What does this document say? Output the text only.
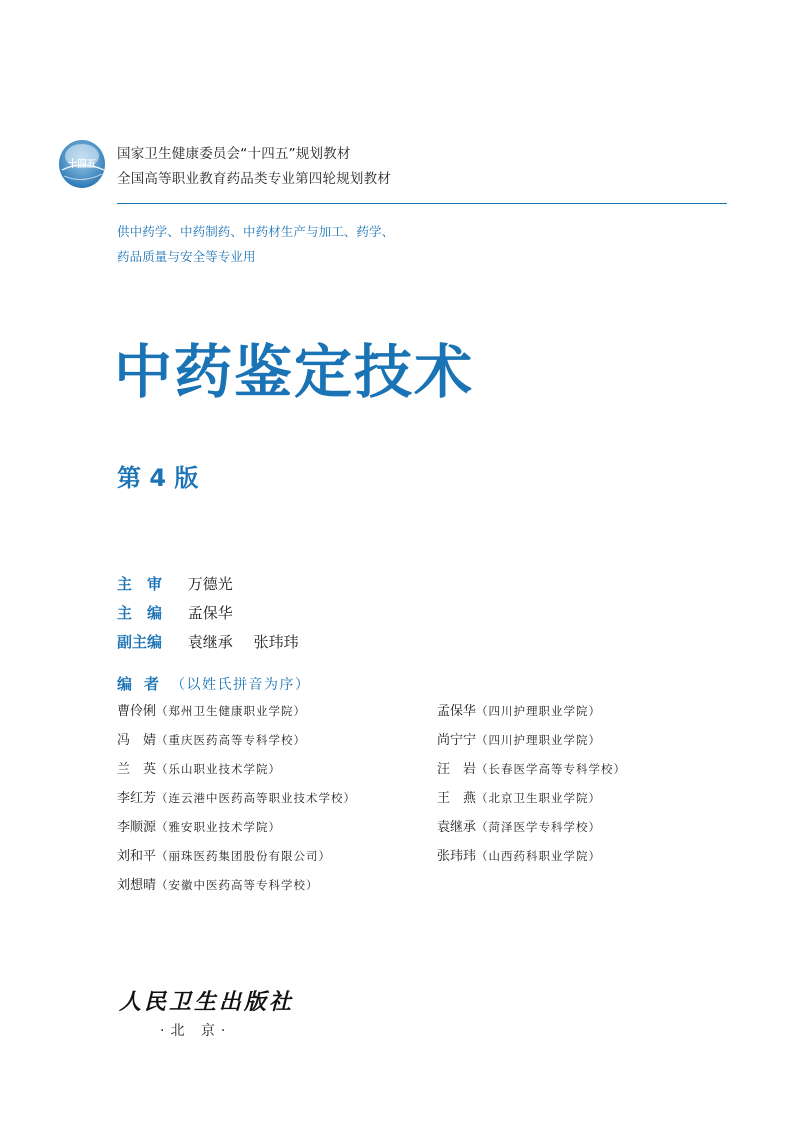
十四五
国家卫生健康委员会“十四五”规划教材
全国高等职业教育药品类专业第四轮规划教材
供中药学、中药制药、中药材生产与加工、药学、
药品质量与安全等专业用
中药鉴定技术
第 4 版
主　审 万德光
主　编 孟保华
副主编 袁继承 张玮玮
编者（以姓氏拼音为序）
曹伶俐（郑州卫生健康职业学院）
冯　婧（重庆医药高等专科学校）
兰　英（乐山职业技术学院）
李红芳（连云港中医药高等职业技术学校）
李顺源（雅安职业技术学院）
刘和平（丽珠医药集团股份有限公司）
刘想晴（安徽中医药高等专科学校）
孟保华（四川护理职业学院）
尚宁宁（四川护理职业学院）
汪　岩（长春医学高等专科学校）
王　燕（北京卫生职业学院）
袁继承（菏泽医学专科学校）
张玮玮（山西药科职业学院）
人民卫生出版社
·北 京·
